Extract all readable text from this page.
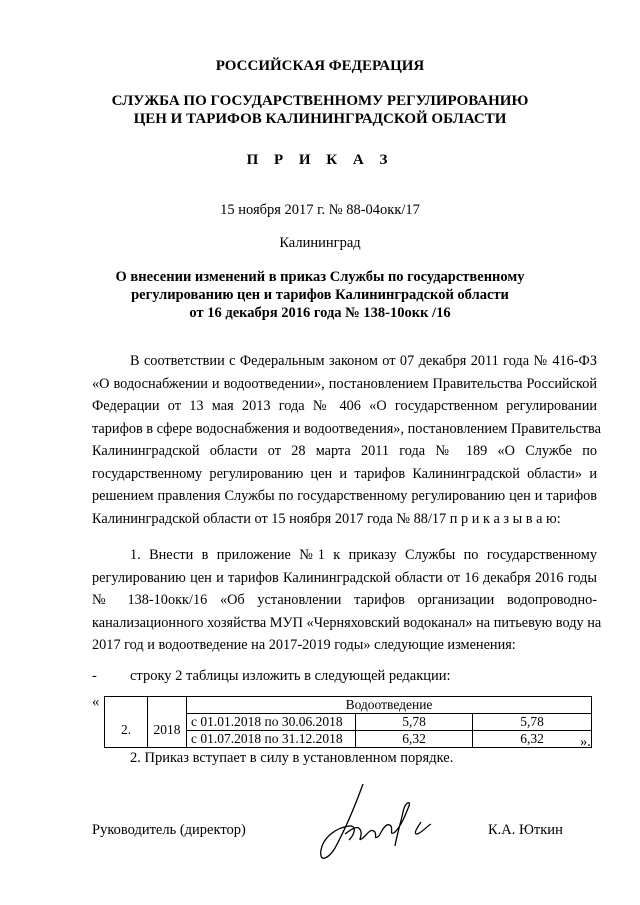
РОССИЙСКАЯ ФЕДЕРАЦИЯ
СЛУЖБА ПО ГОСУДАРСТВЕННОМУ РЕГУЛИРОВАНИЮ
ЦЕН И ТАРИФОВ КАЛИНИНГРАДСКОЙ ОБЛАСТИ
П Р И К А З
15 ноября 2017 г. № 88-04окк/17
Калининград
О внесении изменений в приказ Службы по государственному
регулированию цен и тарифов Калининградской области
от 16 декабря 2016 года № 138-10окк /16
В соответствии с Федеральным законом от 07 декабря 2011 года № 416-ФЗ
«О водоснабжении и водоотведении», постановлением Правительства Российской
Федерации от 13 мая 2013 года № 406 «О государственном регулировании
тарифов в сфере водоснабжения и водоотведения», постановлением Правительства
Калининградской области от 28 марта 2011 года № 189 «О Службе по
государственному регулированию цен и тарифов Калининградской области» и
решением правления Службы по государственному регулированию цен и тарифов
Калининградской области от 15 ноября 2017 года № 88/17 п р и к а з ы в а ю:
1. Внести в приложение №1 к приказу Службы по государственному
регулированию цен и тарифов Калининградской области от 16 декабря 2016 годы
№ 138-10окк/16 «Об установлении тарифов организации водопроводно-
канализационного хозяйства МУП «Черняховский водоканал» на питьевую воду на
2017 год и водоотведение на 2017-2019 годы» следующие изменения:
- строку 2 таблицы изложить в следующей редакции:
«
			Водоотведение		
2.	2018	с 01.01.2018 по 30.06.2018	5,78	5,78
		с 01.07.2018 по 31.12.2018	6,32	6,32 ».
2. Приказ вступает в силу в установленном порядке.
Руководитель (директор)	К.А. Юткин
